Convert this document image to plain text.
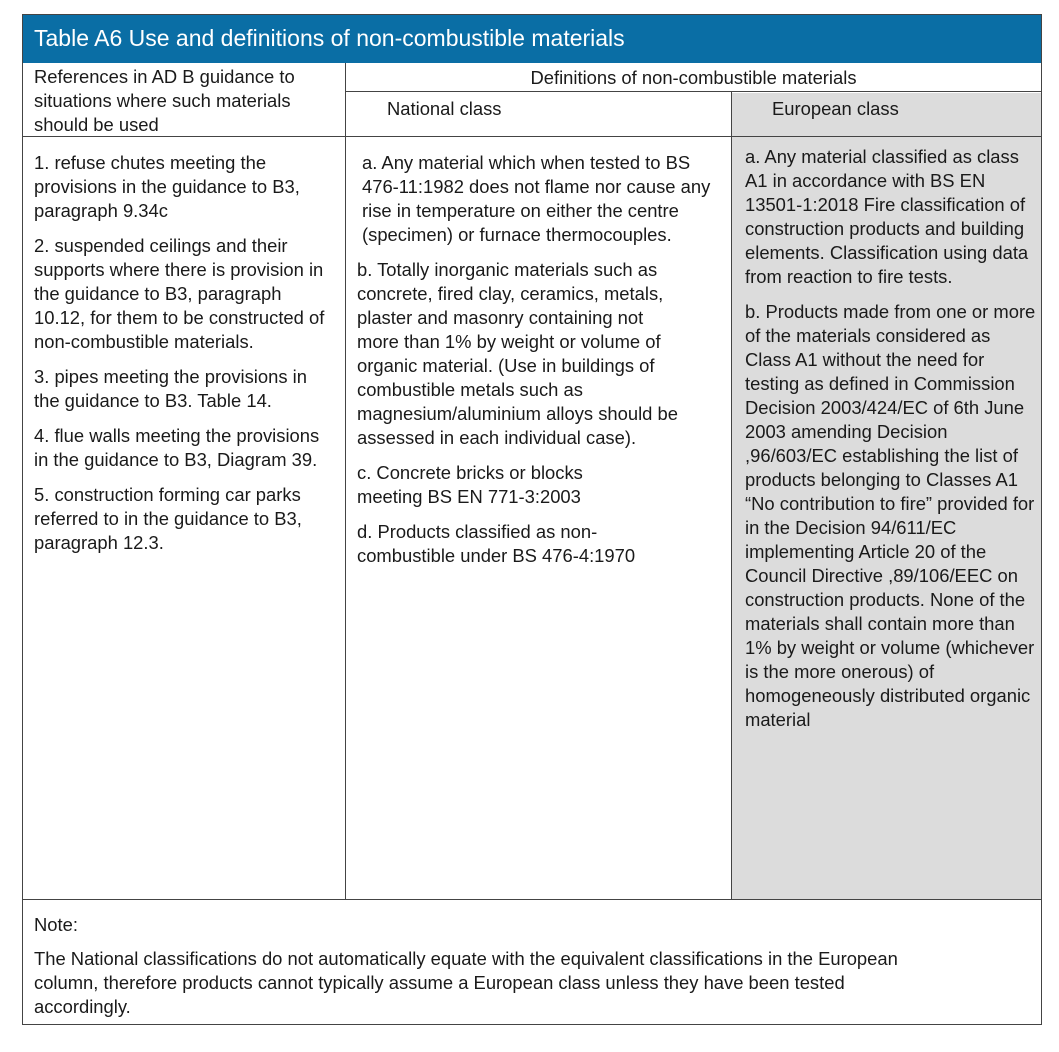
Table A6 Use and definitions of non-combustible materials
References in AD B guidance to situations where such materials should be used
Definitions of non-combustible materials
National class	European class

1. refuse chutes meeting the provisions in the guidance to B3, paragraph 9.34c

2. suspended ceilings and their supports where there is provision in the guidance to B3, paragraph 10.12, for them to be constructed of non-combustible materials.

3. pipes meeting the provisions in the guidance to B3. Table 14.

4. flue walls meeting the provisions in the guidance to B3, Diagram 39.

5. construction forming car parks referred to in the guidance to B3, paragraph 12.3.

a. Any material which when tested to BS 476-11:1982 does not flame nor cause any rise in temperature on either the centre (specimen) or furnace thermocouples.

b. Totally inorganic materials such as concrete, fired clay, ceramics, metals, plaster and masonry containing not more than 1% by weight or volume of organic material. (Use in buildings of combustible metals such as magnesium/aluminium alloys should be assessed in each individual case).

c. Concrete bricks or blocks meeting BS EN 771-3:2003

d. Products classified as non-combustible under BS 476-4:1970

a. Any material classified as class A1 in accordance with BS EN 13501-1:2018 Fire classification of construction products and building elements. Classification using data from reaction to fire tests.

b. Products made from one or more of the materials considered as Class A1 without the need for testing as defined in Commission Decision 2003/424/EC of 6th June 2003 amending Decision ,96/603/EC establishing the list of products belonging to Classes A1 “No contribution to fire” provided for in the Decision 94/611/EC implementing Article 20 of the Council Directive ,89/106/EEC on construction products. None of the materials shall contain more than 1% by weight or volume (whichever is the more onerous) of homogeneously distributed organic material

Note:

The National classifications do not automatically equate with the equivalent classifications in the European column, therefore products cannot typically assume a European class unless they have been tested accordingly.
